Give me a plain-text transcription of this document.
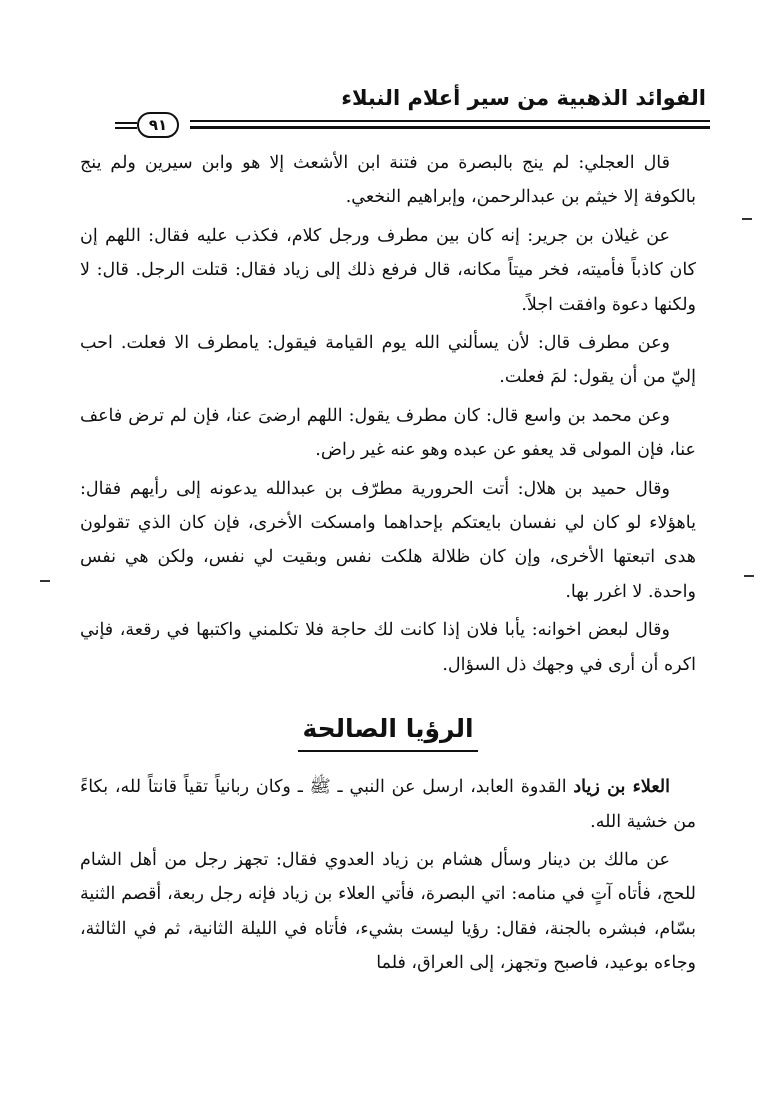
الفوائد الذهبية من سير أعلام النبلاء
٩١

قال العجلي: لم ينج بالبصرة من فتنة ابن الأشعث إلا هو وابن سيرين ولم ينج بالكوفة إلا خيثم بن عبدالرحمن، وإبراهيم النخعي.

عن غيلان بن جرير: إنه كان بين مطرف ورجل كلام، فكذب عليه فقال: اللهم إن كان كاذباً فأميته، فخر ميتاً مكانه، قال فرفع ذلك إلى زياد فقال: قتلت الرجل. قال: لا ولكنها دعوة وافقت اجلاً.

وعن مطرف قال: لأن يسألني الله يوم القيامة فيقول: يامطرف الا فعلت. احب إليّ من أن يقول: لمَ فعلت.

وعن محمد بن واسع قال: كان مطرف يقول: اللهم ارضىَ عنا، فإن لم ترض فاعف عنا، فإن المولى قد يعفو عن عبده وهو عنه غير راض.

وقال حميد بن هلال: أتت الحرورية مطرّف بن عبدالله يدعونه إلى رأيهم فقال: ياهؤلاء لو كان لي نفسان بايعتكم بإحداهما وامسكت الأخرى، فإن كان الذي تقولون هدى اتبعتها الأخرى، وإن كان ظلالة هلكت نفس وبقيت لي نفس، ولكن هي نفس واحدة. لا اغرر بها.

وقال لبعض اخوانه: يأبا فلان إذا كانت لك حاجة فلا تكلمني واكتبها في رقعة، فإني اكره أن أرى في وجهك ذل السؤال.

الرؤيا الصالحة

العلاء بن زياد القدوة العابد، ارسل عن النبي ـ ﷺ ـ وكان ربانياً تقياً قانتاً لله، بكاءً من خشية الله.

عن مالك بن دينار وسأل هشام بن زياد العدوي فقال: تجهز رجل من أهل الشام للحج، فأتاه آتٍ في منامه: اتي البصرة، فأتي العلاء بن زياد فإنه رجل ربعة، أقصم الثنية بسّام، فبشره بالجنة، فقال: رؤيا ليست بشيء، فأتاه في الليلة الثانية، ثم في الثالثة، وجاءه بوعيد، فاصبح وتجهز، إلى العراق، فلما
